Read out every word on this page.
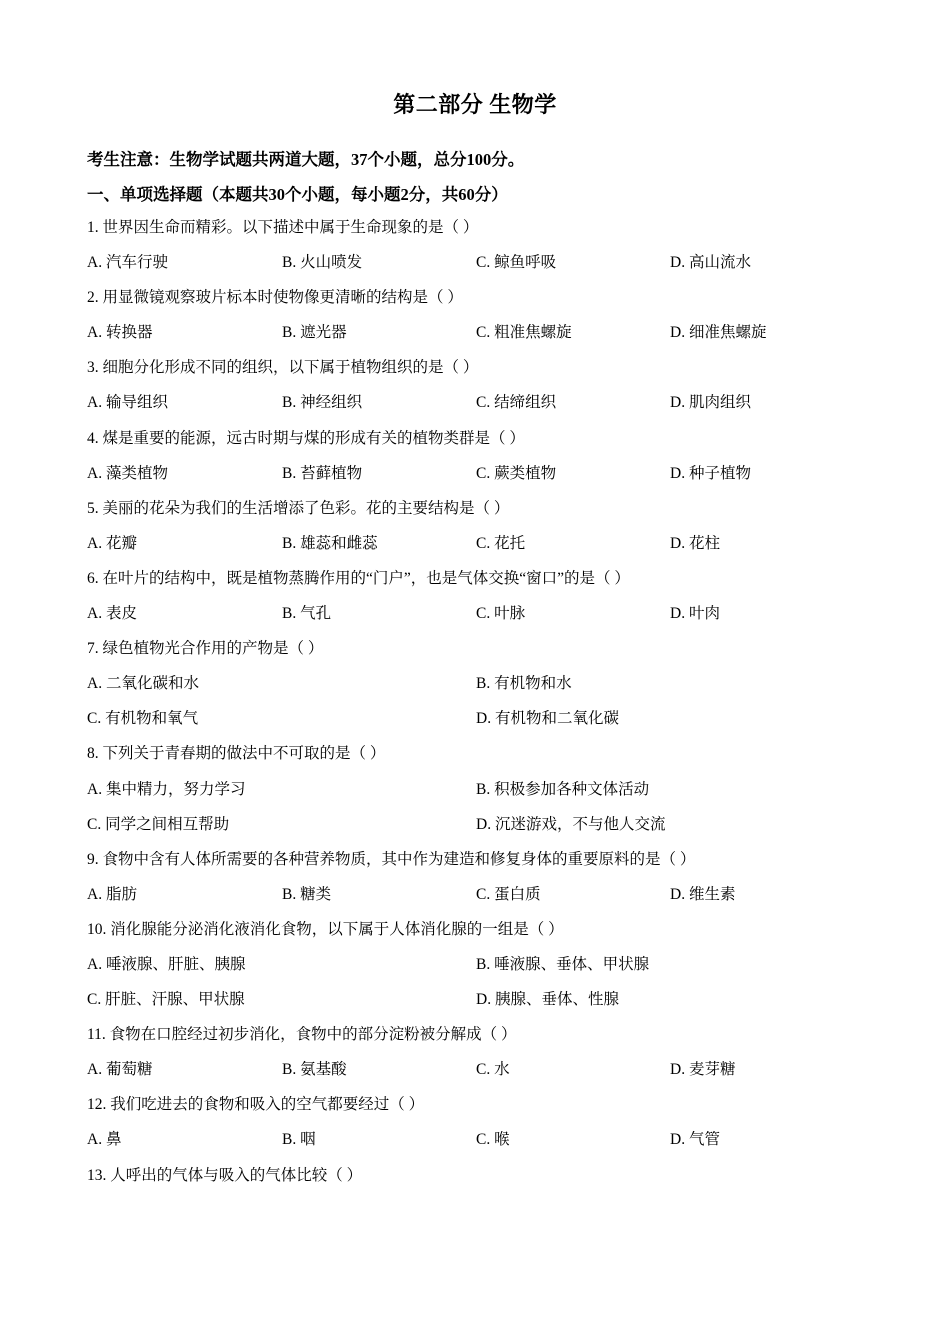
第二部分 生物学
考生注意：生物学试题共两道大题，37个小题，总分100分。
一、单项选择题（本题共30个小题，每小题2分，共60分）
1. 世界因生命而精彩。以下描述中属于生命现象的是（ ）
A. 汽车行驶	B. 火山喷发	C. 鲸鱼呼吸	D. 高山流水
2. 用显微镜观察玻片标本时使物像更清晰的结构是（ ）
A. 转换器	B. 遮光器	C. 粗准焦螺旋	D. 细准焦螺旋
3. 细胞分化形成不同的组织，以下属于植物组织的是（ ）
A. 输导组织	B. 神经组织	C. 结缔组织	D. 肌肉组织
4. 煤是重要的能源，远古时期与煤的形成有关的植物类群是（ ）
A. 藻类植物	B. 苔藓植物	C. 蕨类植物	D. 种子植物
5. 美丽的花朵为我们的生活增添了色彩。花的主要结构是（ ）
A. 花瓣	B. 雄蕊和雌蕊	C. 花托	D. 花柱
6. 在叶片的结构中，既是植物蒸腾作用的“门户”，也是气体交换“窗口”的是（ ）
A. 表皮	B. 气孔	C. 叶脉	D. 叶肉
7. 绿色植物光合作用的产物是（ ）
A. 二氧化碳和水	B. 有机物和水
C. 有机物和氧气	D. 有机物和二氧化碳
8. 下列关于青春期的做法中不可取的是（ ）
A. 集中精力，努力学习	B. 积极参加各种文体活动
C. 同学之间相互帮助	D. 沉迷游戏，不与他人交流
9. 食物中含有人体所需要的各种营养物质，其中作为建造和修复身体的重要原料的是（ ）
A. 脂肪	B. 糖类	C. 蛋白质	D. 维生素
10. 消化腺能分泌消化液消化食物，以下属于人体消化腺的一组是（ ）
A. 唾液腺、肝脏、胰腺	B. 唾液腺、垂体、甲状腺
C. 肝脏、汗腺、甲状腺	D. 胰腺、垂体、性腺
11. 食物在口腔经过初步消化，食物中的部分淀粉被分解成（ ）
A. 葡萄糖	B. 氨基酸	C. 水	D. 麦芽糖
12. 我们吃进去的食物和吸入的空气都要经过（ ）
A. 鼻	B. 咽	C. 喉	D. 气管
13. 人呼出的气体与吸入的气体比较（ ）
